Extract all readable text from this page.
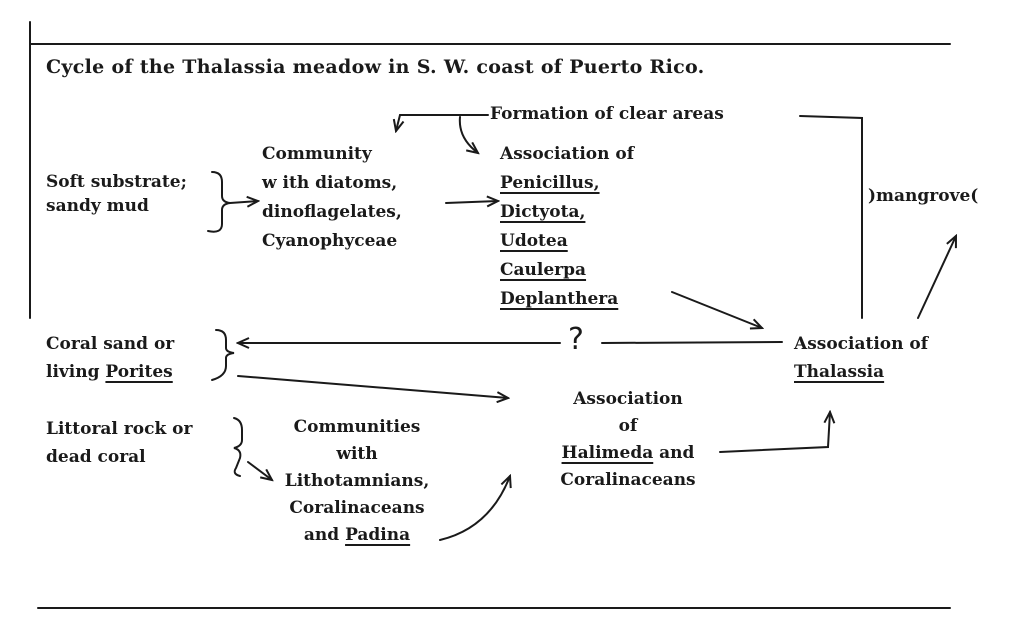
Cycle of the Thalassia meadow in S. W. coast of Puerto Rico.
Soft substrate;
sandy mud
Community
w ith diatoms,
dinoflagelates,
Cyanophyceae
Formation of clear areas
Association of
Penicillus,
Dictyota,
Udotea
Caulerpa
Deplanthera
)mangrove(
Coral sand or
living Porites
?	Association of
Thalassia
Littoral rock or
dead coral
Communities
with
Lithotamnians,
Coralinaceans
and Padina
Association
of
Halimeda and
Coralinaceans
